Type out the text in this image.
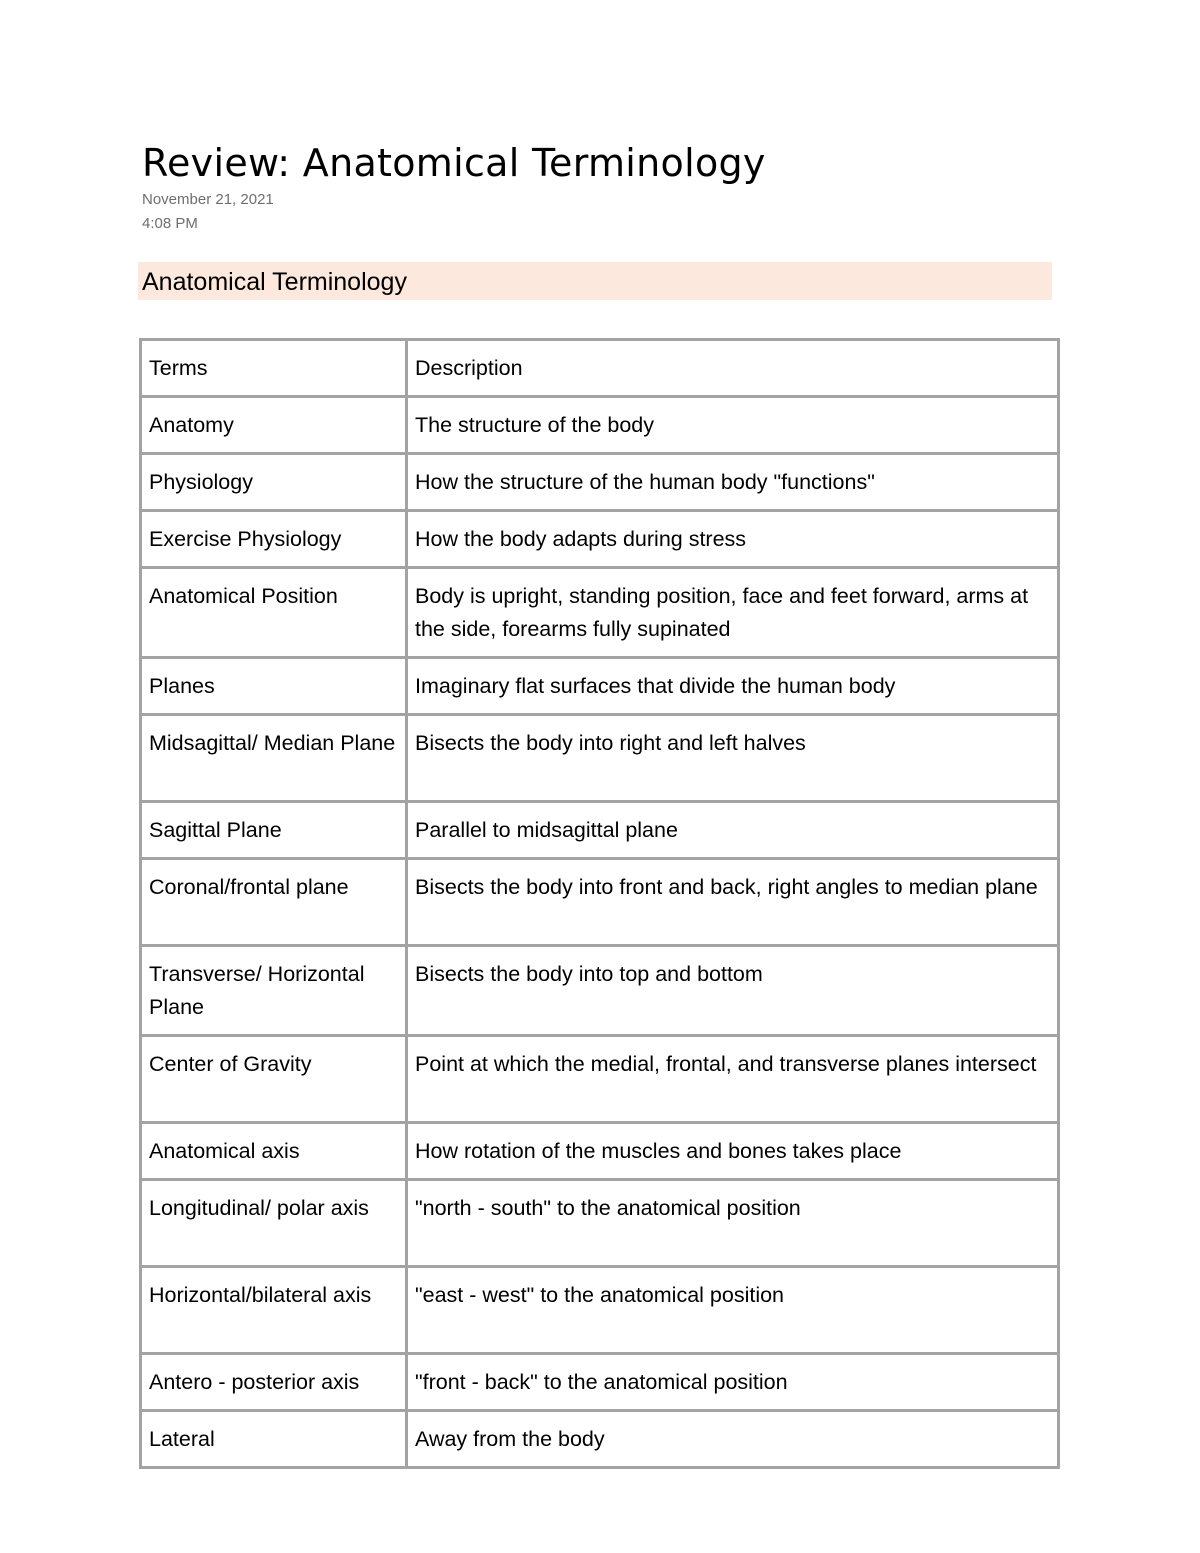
Review: Anatomical Terminology
November 21, 2021
4:08 PM
Anatomical Terminology
Terms	Description
Anatomy	The structure of the body
Physiology	How the structure of the human body "functions"
Exercise Physiology	How the body adapts during stress
Anatomical Position	Body is upright, standing position, face and feet forward, arms at the side, forearms fully supinated
Planes	Imaginary flat surfaces that divide the human body
Midsagittal/ Median Plane	Bisects the body into right and left halves
Sagittal Plane	Parallel to midsagittal plane
Coronal/frontal plane	Bisects the body into front and back, right angles to median plane
Transverse/ Horizontal Plane	Bisects the body into top and bottom
Center of Gravity	Point at which the medial, frontal, and transverse planes intersect
Anatomical axis	How rotation of the muscles and bones takes place
Longitudinal/ polar axis	"north - south" to the anatomical position
Horizontal/bilateral axis	"east - west" to the anatomical position
Antero - posterior axis	"front - back" to the anatomical position
Lateral	Away from the body
